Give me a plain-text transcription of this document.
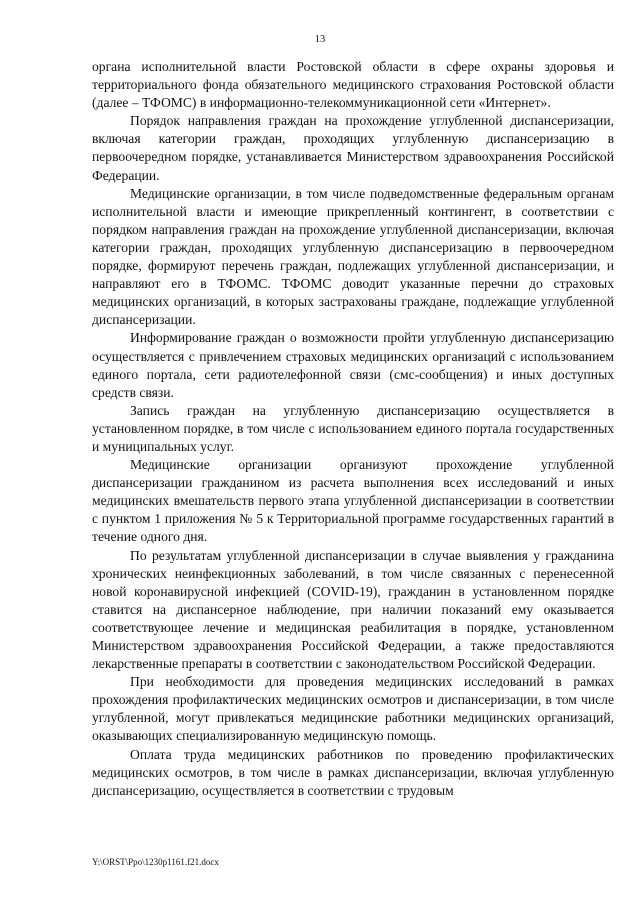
13

органа исполнительной власти Ростовской области в сфере охраны здоровья и территориального фонда обязательного медицинского страхования Ростовской области (далее – ТФОМС) в информационно-телекоммуникационной сети «Интернет».

Порядок направления граждан на прохождение углубленной диспансеризации, включая категории граждан, проходящих углубленную диспансеризацию в первоочередном порядке, устанавливается Министерством здравоохранения Российской Федерации.

Медицинские организации, в том числе подведомственные федеральным органам исполнительной власти и имеющие прикрепленный контингент, в соответствии с порядком направления граждан на прохождение углубленной диспансеризации, включая категории граждан, проходящих углубленную диспансеризацию в первоочередном порядке, формируют перечень граждан, подлежащих углубленной диспансеризации, и направляют его в ТФОМС. ТФОМС доводит указанные перечни до страховых медицинских организаций, в которых застрахованы граждане, подлежащие углубленной диспансеризации.

Информирование граждан о возможности пройти углубленную диспансеризацию осуществляется с привлечением страховых медицинских организаций с использованием единого портала, сети радиотелефонной связи (смс-сообщения) и иных доступных средств связи.

Запись граждан на углубленную диспансеризацию осуществляется в установленном порядке, в том числе с использованием единого портала государственных и муниципальных услуг.

Медицинские организации организуют прохождение углубленной диспансеризации гражданином из расчета выполнения всех исследований и иных медицинских вмешательств первого этапа углубленной диспансеризации в соответствии с пунктом 1 приложения № 5 к Территориальной программе государственных гарантий в течение одного дня.

По результатам углубленной диспансеризации в случае выявления у гражданина хронических неинфекционных заболеваний, в том числе связанных с перенесенной новой коронавирусной инфекцией (COVID-19), гражданин в установленном порядке ставится на диспансерное наблюдение, при наличии показаний ему оказывается соответствующее лечение и медицинская реабилитация в порядке, установленном Министерством здравоохранения Российской Федерации, а также предоставляются лекарственные препараты в соответствии с законодательством Российской Федерации.

При необходимости для проведения медицинских исследований в рамках прохождения профилактических медицинских осмотров и диспансеризации, в том числе углубленной, могут привлекаться медицинские работники медицинских организаций, оказывающих специализированную медицинскую помощь.

Оплата труда медицинских работников по проведению профилактических медицинских осмотров, в том числе в рамках диспансеризации, включая углубленную диспансеризацию, осуществляется в соответствии с трудовым

Y:\ORST\Ppo\1230p1161.f21.docx
